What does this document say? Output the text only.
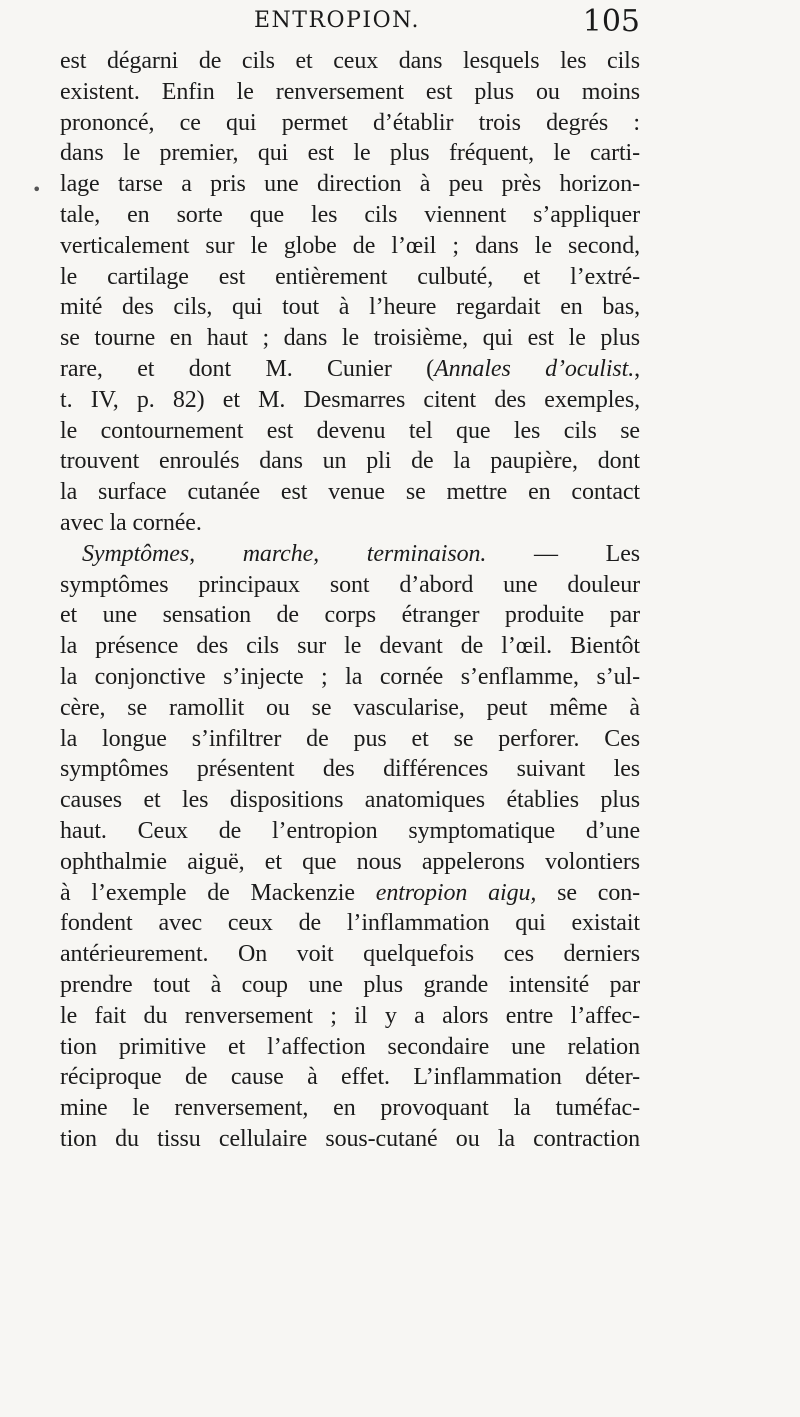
ENTROPION.	105
•
est dégarni de cils et ceux dans lesquels les cils
existent. Enfin le renversement est plus ou moins
prononcé, ce qui permet d’établir trois degrés :
dans le premier, qui est le plus fréquent, le carti-
lage tarse a pris une direction à peu près horizon-
tale, en sorte que les cils viennent s’appliquer
verticalement sur le globe de l’œil ; dans le second,
le cartilage est entièrement culbuté, et l’extré-
mité des cils, qui tout à l’heure regardait en bas,
se tourne en haut ; dans le troisième, qui est le plus
rare, et dont M. Cunier (Annales d’oculist.,
t. IV, p. 82) et M. Desmarres citent des exemples,
le contournement est devenu tel que les cils se
trouvent enroulés dans un pli de la paupière, dont
la surface cutanée est venue se mettre en contact
avec la cornée.
Symptômes, marche, terminaison. — Les
symptômes principaux sont d’abord une douleur
et une sensation de corps étranger produite par
la présence des cils sur le devant de l’œil. Bientôt
la conjonctive s’injecte ; la cornée s’enflamme, s’ul-
cère, se ramollit ou se vascularise, peut même à
la longue s’infiltrer de pus et se perforer. Ces
symptômes présentent des différences suivant les
causes et les dispositions anatomiques établies plus
haut. Ceux de l’entropion symptomatique d’une
ophthalmie aiguë, et que nous appelerons volontiers
à l’exemple de Mackenzie entropion aigu, se con-
fondent avec ceux de l’inflammation qui existait
antérieurement. On voit quelquefois ces derniers
prendre tout à coup une plus grande intensité par
le fait du renversement ; il y a alors entre l’affec-
tion primitive et l’affection secondaire une relation
réciproque de cause à effet. L’inflammation déter-
mine le renversement, en provoquant la tuméfac-
tion du tissu cellulaire sous-cutané ou la contraction
